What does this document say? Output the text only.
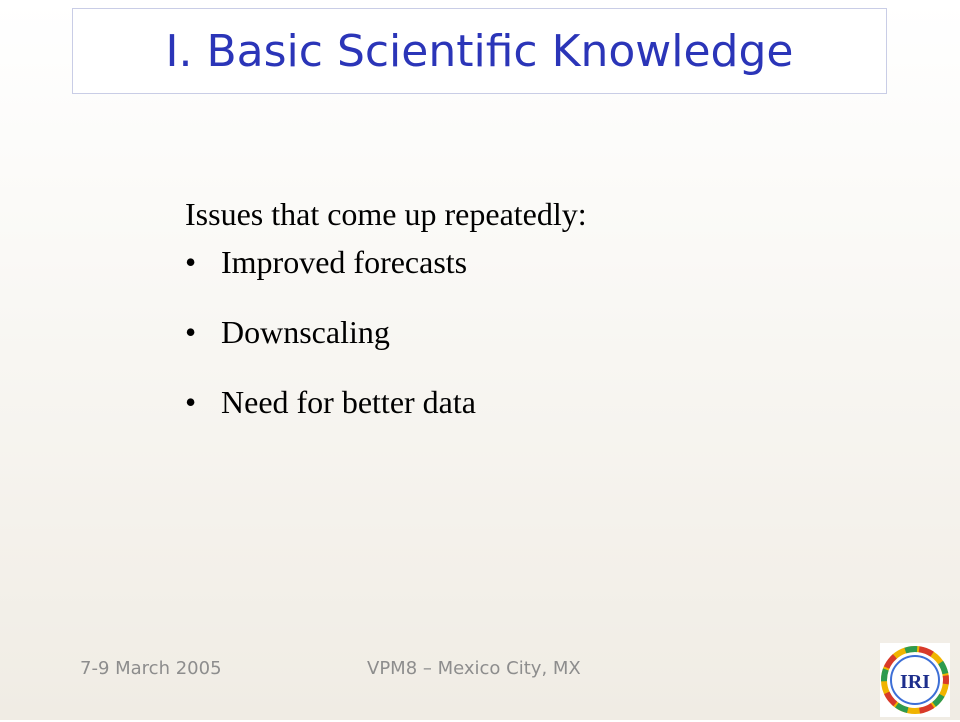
I. Basic Scientific Knowledge

Issues that come up repeatedly:

• Improved forecasts
• Downscaling
• Need for better data
7-9 March 2005	VPM8 – Mexico City, MX
IRI
